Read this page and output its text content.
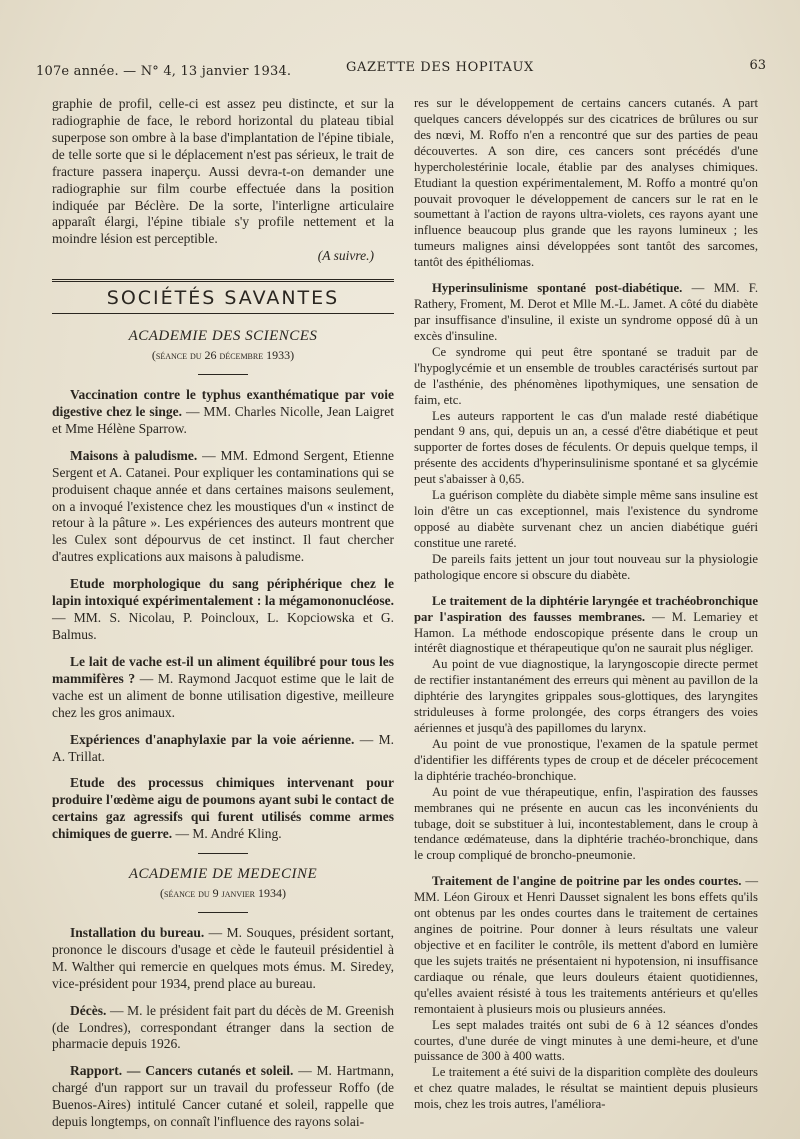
107e année. — N° 4, 13 janvier 1934.	GAZETTE DES HOPITAUX	63

graphie de profil, celle-ci est assez peu distincte, et sur la radiographie de face, le rebord horizontal du plateau tibial superpose son ombre à la base d'implantation de l'épine tibiale, de telle sorte que si le déplacement n'est pas sérieux, le trait de fracture passera inaperçu. Aussi devra-t-on demander une radiographie sur film courbe effectuée dans la position indiquée par Béclère. De la sorte, l'interligne articulaire apparaît élargi, l'épine tibiale s'y profile nettement et la moindre lésion est perceptible.

(A suivre.)

SOCIÉTÉS SAVANTES
ACADEMIE DES SCIENCES
(séance du 26 décembre 1933)

Vaccination contre le typhus exanthématique par voie digestive chez le singe. — MM. Charles Nicolle, Jean Laigret et Mme Hélène Sparrow.

Maisons à paludisme. — MM. Edmond Sergent, Etienne Sergent et A. Catanei. Pour expliquer les contaminations qui se produisent chaque année et dans certaines maisons seulement, on a invoqué l'existence chez les moustiques d'un « instinct de retour à la pâture ». Les expériences des auteurs montrent que les Culex sont dépourvus de cet instinct. Il faut chercher d'autres explications aux maisons à paludisme.

Etude morphologique du sang périphérique chez le lapin intoxiqué expérimentalement : la mégamononucléose. — MM. S. Nicolau, P. Poincloux, L. Kopciowska et G. Balmus.

Le lait de vache est-il un aliment équilibré pour tous les mammifères ? — M. Raymond Jacquot estime que le lait de vache est un aliment de bonne utilisation digestive, meilleure chez les gros animaux.

Expériences d'anaphylaxie par la voie aérienne. — M. A. Trillat.

Etude des processus chimiques intervenant pour produire l'œdème aigu de poumons ayant subi le contact de certains gaz agressifs qui furent utilisés comme armes chimiques de guerre. — M. André Kling.

ACADEMIE DE MEDECINE
(séance du 9 janvier 1934)

Installation du bureau. — M. Souques, président sortant, prononce le discours d'usage et cède le fauteuil présidentiel à M. Walther qui remercie en quelques mots émus. M. Siredey, vice-président pour 1934, prend place au bureau.

Décès. — M. le président fait part du décès de M. Greenish (de Londres), correspondant étranger dans la section de pharmacie depuis 1926.

Rapport. — Cancers cutanés et soleil. — M. Hartmann, chargé d'un rapport sur un travail du professeur Roffo (de Buenos-Aires) intitulé Cancer cutané et soleil, rappelle que depuis longtemps, on connaît l'influence des rayons solai-

res sur le développement de certains cancers cutanés. A part quelques cancers développés sur des cicatrices de brûlures ou sur des nœvi, M. Roffo n'en a rencontré que sur des parties de peau découvertes. A son dire, ces cancers sont précédés d'une hypercholestérinie locale, établie par des analyses chimiques. Etudiant la question expérimentalement, M. Roffo a montré qu'on pouvait provoquer le développement de cancers sur le rat en le soumettant à l'action de rayons ultra-violets, ces rayons ayant une influence beaucoup plus grande que les rayons lumineux ; les tumeurs malignes ainsi développées sont tantôt des sarcomes, tantôt des épithéliomas.

Hyperinsulinisme spontané post-diabétique. — MM. F. Rathery, Froment, M. Derot et Mlle M.-L. Jamet. A côté du diabète par insuffisance d'insuline, il existe un syndrome opposé dû à un excès d'insuline.

Ce syndrome qui peut être spontané se traduit par de l'hypoglycémie et un ensemble de troubles caractérisés surtout par de l'asthénie, des phénomènes lipothymiques, une sensation de faim, etc.

Les auteurs rapportent le cas d'un malade resté diabétique pendant 9 ans, qui, depuis un an, a cessé d'être diabétique et peut supporter de fortes doses de féculents. Or depuis quelque temps, il présente des accidents d'hyperinsulinisme spontané et sa glycémie peut s'abaisser à 0,65.

La guérison complète du diabète simple même sans insuline est loin d'être un cas exceptionnel, mais l'existence du syndrome opposé au diabète survenant chez un ancien diabétique guéri constitue une rareté.

De pareils faits jettent un jour tout nouveau sur la physiologie pathologique encore si obscure du diabète.

Le traitement de la diphtérie laryngée et trachéobronchique par l'aspiration des fausses membranes. — M. Lemariey et Hamon. La méthode endoscopique présente dans le croup un intérêt diagnostique et thérapeutique qu'on ne saurait plus négliger.

Au point de vue diagnostique, la laryngoscopie directe permet de rectifier instantanément des erreurs qui mènent au pavillon de la diphtérie des laryngites grippales sous-glottiques, des laryngites striduleuses à forme prolongée, des corps étrangers des voies aériennes et jusqu'à des papillomes du larynx.

Au point de vue pronostique, l'examen de la spatule permet d'identifier les différents types de croup et de déceler précocement la diphtérie trachéo-bronchique.

Au point de vue thérapeutique, enfin, l'aspiration des fausses membranes qui ne présente en aucun cas les inconvénients du tubage, doit se substituer à lui, incontestablement, dans le croup à tendance œdémateuse, dans la diphtérie trachéo-bronchique, dans le croup compliqué de broncho-pneumonie.

Traitement de l'angine de poitrine par les ondes courtes. — MM. Léon Giroux et Henri Dausset signalent les bons effets qu'ils ont obtenus par les ondes courtes dans le traitement de certaines angines de poitrine. Pour donner à leurs résultats une valeur objective et en faciliter le contrôle, ils mettent d'abord en lumière que les sujets traités ne présentaient ni hypotension, ni insuffisance cardiaque ou rénale, que leurs douleurs étaient quotidiennes, qu'elles avaient résisté à tous les traitements antérieurs et qu'elles remontaient à plusieurs mois ou plusieurs années.

Les sept malades traités ont subi de 6 à 12 séances d'ondes courtes, d'une durée de vingt minutes à une demi-heure, et d'une puissance de 300 à 400 watts.

Le traitement a été suivi de la disparition complète des douleurs et chez quatre malades, le résultat se maintient depuis plusieurs mois, chez les trois autres, l'améliora-
